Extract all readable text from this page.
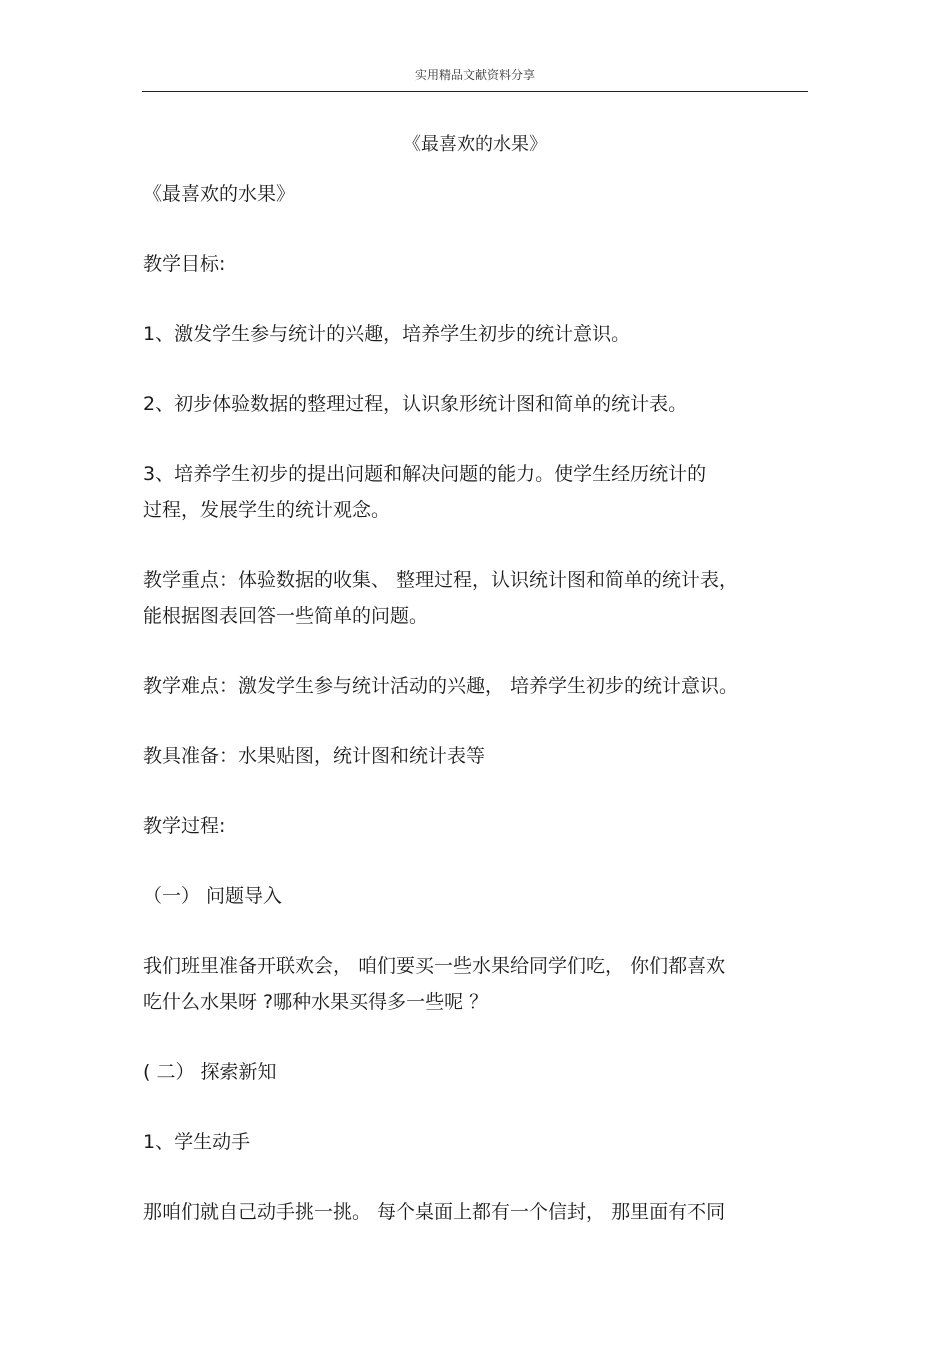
实用精品文献资料分享
《最喜欢的水果》

《最喜欢的水果》

教学目标:

1、激发学生参与统计的兴趣，培养学生初步的统计意识。

2、初步体验数据的整理过程，认识象形统计图和简单的统计表。

3、培养学生初步的提出问题和解决问题的能力。使学生经历统计的
过程，发展学生的统计观念。

教学重点：体验数据的收集、 整理过程，认识统计图和简单的统计表，
能根据图表回答一些简单的问题。

教学难点：激发学生参与统计活动的兴趣， 培养学生初步的统计意识。

教具准备：水果贴图，统计图和统计表等

教学过程:

（一） 问题导入

我们班里准备开联欢会， 咱们要买一些水果给同学们吃， 你们都喜欢
吃什么水果呀 ?哪种水果买得多一些呢 ？

( 二） 探索新知

1、学生动手

那咱们就自己动手挑一挑。 每个桌面上都有一个信封， 那里面有不同
